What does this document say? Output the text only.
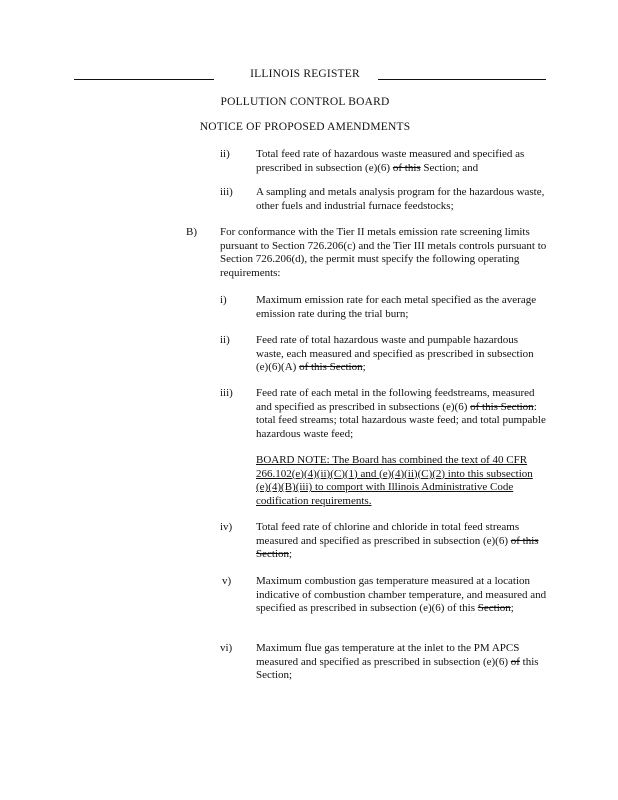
ILLINOIS REGISTER
POLLUTION CONTROL BOARD
NOTICE OF PROPOSED AMENDMENTS
ii) Total feed rate of hazardous waste measured and specified as prescribed in subsection (e)(6) of this Section; and
iii) A sampling and metals analysis program for the hazardous waste, other fuels and industrial furnace feedstocks;
B) For conformance with the Tier II metals emission rate screening limits pursuant to Section 726.206(c) and the Tier III metals controls pursuant to Section 726.206(d), the permit must specify the following operating requirements:
i)	Maximum emission rate for each metal specified as the average emission rate during the trial burn;
ii) Feed rate of total hazardous waste and pumpable hazardous waste, each measured and specified as prescribed in subsection (e)(6)(A) of this Section;
iii) Feed rate of each metal in the following feedstreams, measured and specified as prescribed in subsections (e)(6) of this Section: total feed streams; total hazardous waste feed; and total pumpable hazardous waste feed;
BOARD NOTE: The Board has combined the text of 40 CFR 266.102(e)(4)(ii)(C)(1) and (e)(4)(ii)(C)(2) into this subsection (e)(4)(B)(iii) to comport with Illinois Administrative Code codification requirements.
iv) Total feed rate of chlorine and chloride in total feed streams measured and specified as prescribed in subsection (e)(6) of this Section;
v) Maximum combustion gas temperature measured at a location indicative of combustion chamber temperature, and measured and specified as prescribed in subsection (e)(6) of this Section;
vi) Maximum flue gas temperature at the inlet to the PM APCS measured and specified as prescribed in subsection (e)(6) of this Section;
